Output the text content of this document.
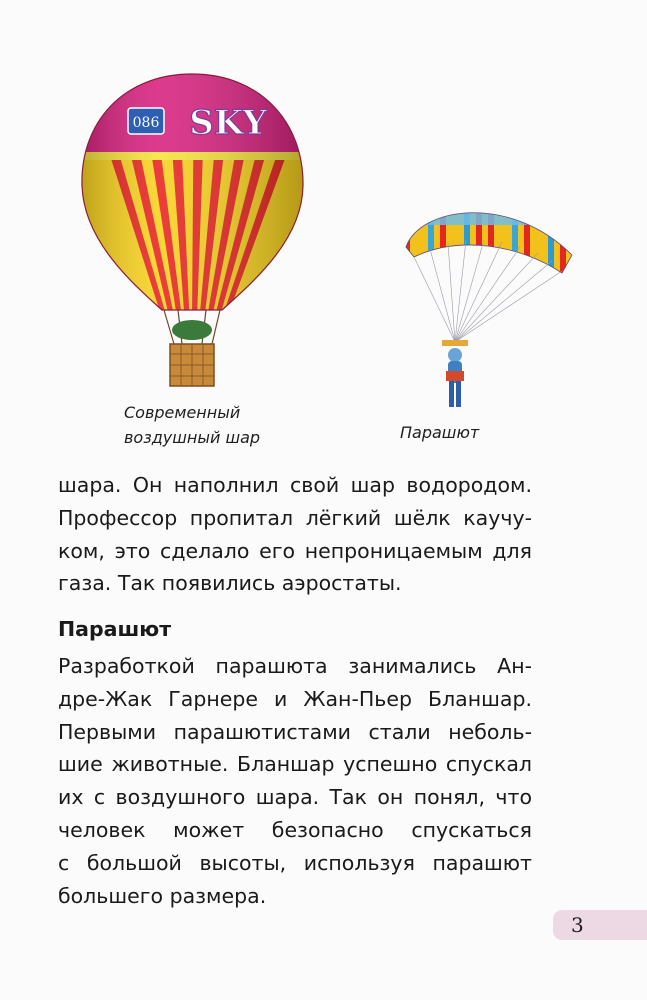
SKY
086
Современный
воздушный шар	Парашют
шара. Он наполнил свой шар водородом.
Профессор пропитал лёгкий шёлк каучу-
ком, это сделало его непроницаемым для
газа. Так появились аэростаты.
Парашют
Разработкой парашюта занимались Ан-
дре-Жак Гарнере и Жан-Пьер Бланшар.
Первыми парашютистами стали неболь-
шие животные. Бланшар успешно спускал
их с воздушного шара. Так он понял, что
человек может безопасно спускаться
с большой высоты, используя парашют
большего размера.
3
